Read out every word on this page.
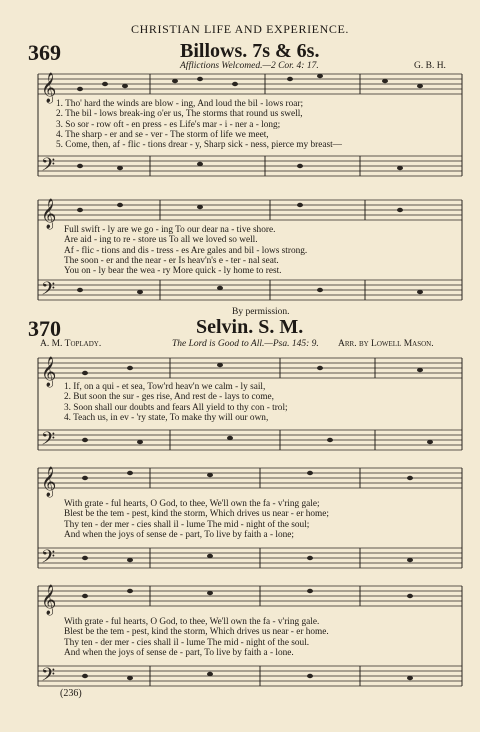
CHRISTIAN LIFE AND EXPERIENCE.
369	Billows. 7s & 6s.
Afflictions Welcomed.—2 Cor. 4: 17.	G. B. H.
𝄞
𝄢
𝄞
𝄢
𝄞
𝄢
𝄞
𝄢
𝄞
𝄢
1. Tho' hard the winds are blow - ing, And loud the bil - lows roar;
2. The bil - lows break-ing o'er us, The storms that round us swell,
3. So sor - row oft - en press - es Life's mar - i - ner a - long;
4. The sharp - er and se - ver - The storm of life we meet,
5. Come, then, af - flic - tions drear - y, Sharp sick - ness, pierce my breast—
Full swift - ly are we go - ing To our dear na - tive shore.
Are aid - ing to re - store us To all we loved so well.
Af - flic - tions and dis - tress - es Are gales and bil - lows strong.
The soon - er and the near - er Is heav'n's e - ter - nal seat.
You on - ly bear the wea - ry More quick - ly home to rest.
By permission.
370	Selvin. S. M.
A. M. Toplady.	The Lord is Good to All.—Psa. 145: 9. Arr. by Lowell Mason.
1. If, on a qui - et sea, Tow'rd heav'n we calm - ly sail,
2. But soon the sur - ges rise, And rest de - lays to come,
3. Soon shall our doubts and fears All yield to thy con - trol;
4. Teach us, in ev - 'ry state, To make thy will our own,
With grate - ful hearts, O God, to thee, We'll own the fa - v'ring gale;
Blest be the tem - pest, kind the storm, Which drives us near - er home;
Thy ten - der mer - cies shall il - lume The mid - night of the soul;
And when the joys of sense de - part, To live by faith a - lone;
With grate - ful hearts, O God, to thee, We'll own the fa - v'ring gale.
Blest be the tem - pest, kind the storm, Which drives us near - er home.
Thy ten - der mer - cies shall il - lume The mid - night of the soul.
And when the joys of sense de - part, To live by faith a - lone.
(236)
